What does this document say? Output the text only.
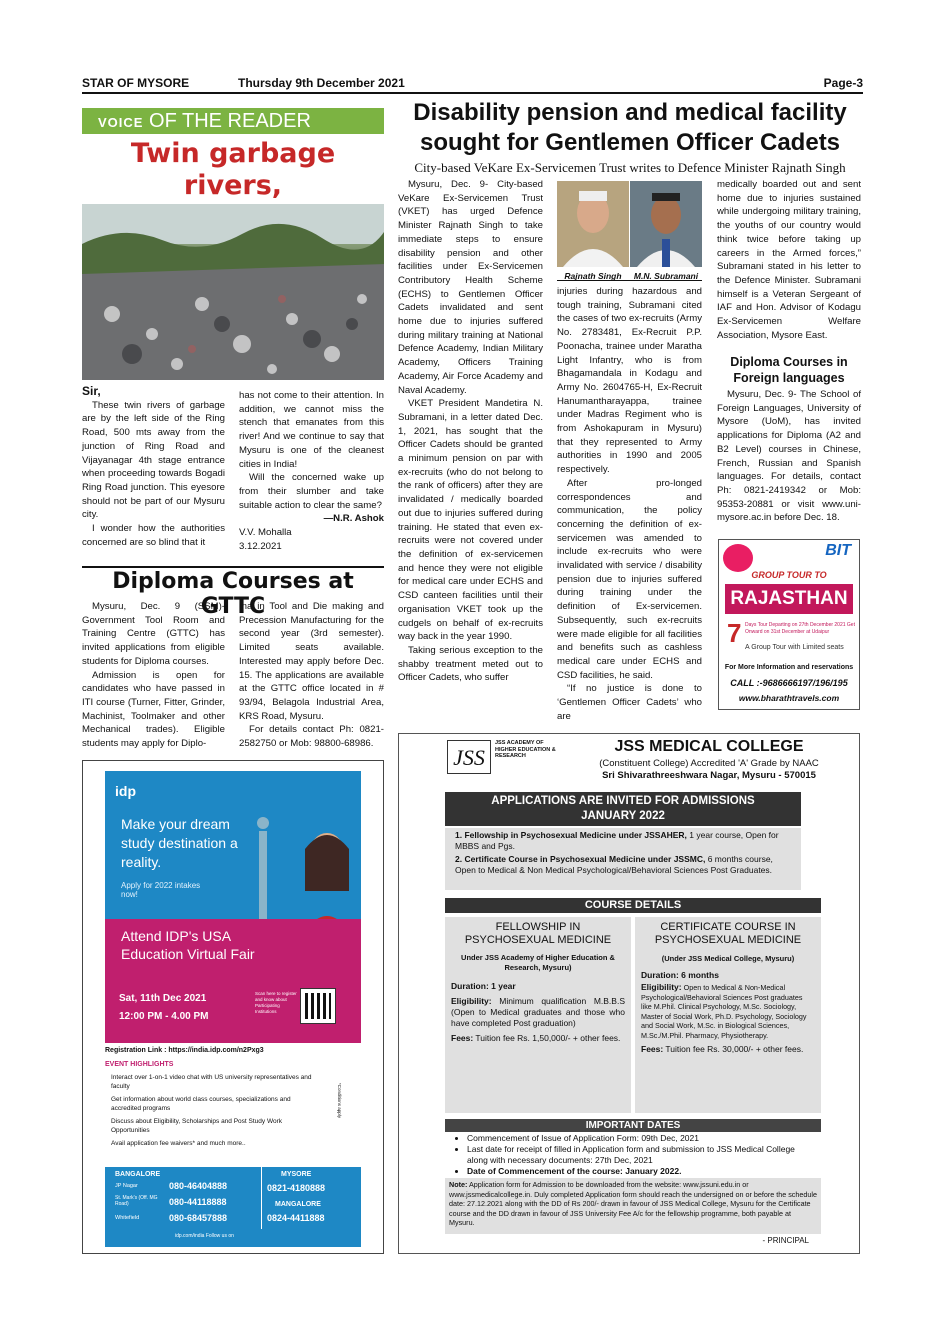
STAR OF MYSORE	Thursday 9th December 2021	Page-3
VOICE OF THE READER
Twin garbage rivers,

Sir,

These twin rivers of garbage are by the left side of the Ring Road, 500 mts away from the junction of Ring Road and Vijayanagar 4th stage entrance when proceeding towards Bogadi Ring Road junction. This eyesore should not be part of our Mysuru city.

I wonder how the authorities concerned are so blind that it

has not come to their attention. In addition, we cannot miss the stench that emanates from this river! And we continue to say that Mysuru is one of the cleanest cities in India!

Will the concerned wake up from their slumber and take suitable action to clear the same?

—N.R. Ashok

V.V. Mohalla

3.12.2021

Diploma Courses at GTTC

Mysuru, Dec. 9 (SSM)- Government Tool Room and Training Centre (GTTC) has invited applications from eligible students for Diploma courses.

Admission is open for candidates who have passed in ITI course (Turner, Fitter, Grinder, Machinist, Toolmaker and other Mechanical trades). Eligible students may apply for Diplo-

ma in Tool and Die making and Precession Manufacturing for the second year (3rd semester). Limited seats available. Interested may apply before Dec. 15. The applications are available at the GTTC office located in # 93/94, Belagola Industrial Area, KRS Road, Mysuru.

For details contact Ph: 0821-2582750 or Mob: 98800-68986.

Disability pension and medical facility
sought for Gentlemen Officer Cadets
City-based VeKare Ex-Servicemen Trust writes to Defence Minister Rajnath Singh

Mysuru, Dec. 9- City-based VeKare Ex-Servicemen Trust (VKET) has urged Defence Minister Rajnath Singh to take immediate steps to ensure disability pension and other facilities under Ex-Servicemen Contributory Health Scheme (ECHS) to Gentlemen Officer Cadets invalidated and sent home due to injuries suffered during military training at National Defence Academy, Indian Military Academy, Officers Training Academy, Air Force Academy and Naval Academy.

VKET President Mandetira N. Subramani, in a letter dated Dec. 1, 2021, has sought that the Officer Cadets should be granted a minimum pension on par with ex-recruits (who do not belong to the rank of officers) after they are invalidated / medically boarded out due to injuries suffered during training. He stated that even ex-recruits were not covered under the definition of ex-servicemen and hence they were not eligible for medical care under ECHS and CSD canteen facilities until their organisation VKET took up the cudgels on behalf of ex-recruits way back in the year 1990.

Taking serious exception to the shabby treatment meted out to Officer Cadets, who suffer

Rajnath Singh	M.N. Subramani

injuries during hazardous and tough training, Subramani cited the cases of two ex-recruits (Army No. 2783481, Ex-Recruit P.P. Poonacha, trainee under Maratha Light Infantry, who is from Bhagamandala in Kodagu and Army No. 2604765-H, Ex-Recruit Hanumantharayappa, trainee under Madras Regiment who is from Ashokapuram in Mysuru) that they represented to Army authorities in 1990 and 2005 respectively.

After pro-longed correspondences and communication, the policy concerning the definition of ex-servicemen was amended to include ex-recruits who were invalidated with service / disability pension due to injuries suffered during training under the definition of Ex-servicemen. Subsequently, such ex-recruits were made eligible for all facilities and benefits such as cashless medical care under ECHS and CSD facilities, he said.

“If no justice is done to ‘Gentlemen Officer Cadets’ who are

medically boarded out and sent home due to injuries sustained while undergoing military training, the youths of our country would think twice before taking up careers in the Armed forces,” Subramani stated in his letter to the Defence Minister. Subramani himself is a Veteran Sergeant of IAF and Hon. Advisor of Kodagu Ex-Servicemen Welfare Association, Mysore East.

Diploma Courses in
Foreign languages

Mysuru, Dec. 9- The School of Foreign Languages, University of Mysore (UoM), has invited applications for Diploma (A2 and B2 Level) courses in Chinese, French, Russian and Spanish languages. For details, contact Ph: 0821-2419342 or Mob: 95353-20881 or visit www.uni-mysore.ac.in before Dec. 18.

BIT
GROUP TOUR TO
RAJASTHAN
7 Days Tour Departing on 27th December 2021 Get Onward on 31st December at Udaipur
A Group Tour with Limited seats
For More Information and reservations
CALL :-9686666197/196/195
www.bharathtravels.com
idp
Make your dream study destination a reality.
Apply for 2022 intakes now!
Attend IDP's USA Education Virtual Fair
Sat, 11th Dec 2021
12:00 PM - 4.00 PM
Scan here to register and know about Participating Institutions
Registration Link : https://india.idp.com/n2Pxg3
EVENT HIGHLIGHTS
Interact over 1-on-1 video chat with US university representatives and faculty
Get information about world class courses, specializations and accredited programs
Discuss about Eligibility, Scholarships and Post Study Work Opportunities
Avail application fee waivers* and much more..
*Conditions apply
BANGALORE
JP Nagar	080-46404888
St. Mark's (Off. MG Road)	080-44118888
Whitefield	080-68457888
MYSORE
0821-4180888
MANGALORE
0824-4411888
idp.com/india Follow us on
JSS
JSS ACADEMY OF HIGHER EDUCATION & RESEARCH
JSS MEDICAL COLLEGE
(Constituent College) Accredited 'A' Grade by NAAC
Sri Shivarathreeshwara Nagar, Mysuru - 570015
APPLICATIONS ARE INVITED FOR ADMISSIONS
JANUARY 2022

1. Fellowship in Psychosexual Medicine under JSSAHER, 1 year course, Open for MBBS and Pgs.

2. Certificate Course in Psychosexual Medicine under JSSMC, 6 months course, Open to Medical & Non Medical Psychological/Behavioral Sciences Post Graduates.

COURSE DETAILS
FELLOWSHIP IN PSYCHOSEXUAL MEDICINE
Under JSS Academy of Higher Education & Research, Mysuru)
Duration: 1 year
Eligibility: Minimum qualification M.B.B.S (Open to Medical graduates and those who have completed Post graduation)
Fees: Tuition fee Rs. 1,50,000/- + other fees.
CERTIFICATE COURSE IN PSYCHOSEXUAL MEDICINE
(Under JSS Medical College, Mysuru)
Duration: 6 months
Eligibility: Open to Medical & Non-Medical Psychological/Behavioral Sciences Post graduates like M.Phil. Clinical Psychology, M.Sc. Sociology, Master of Social Work, Ph.D. Psychology, Sociology and Social Work, M.Sc. in Biological Sciences, M.Sc./M.Phil. Pharmacy, Physiotherapy.
Fees: Tuition fee Rs. 30,000/- + other fees.
IMPORTANT DATES
• Commencement of Issue of Application Form: 09th Dec, 2021
• Last date for receipt of filled in Application form and submission to JSS Medical College along with necessary documents: 27th Dec, 2021
• Date of Commencement of the course: January 2022.
Note: Application form for Admission to be downloaded from the website: www.jssuni.edu.in or www.jssmedicalcollege.in. Duly completed Application form should reach the undersigned on or before the schedule date: 27.12.2021 along with the DD of Rs 200/- drawn in favour of JSS Medical College, Mysuru for the Certificate course and the DD drawn in favour of JSS University Fee A/c for the fellowship programme, both payable at Mysuru.
- PRINCIPAL
